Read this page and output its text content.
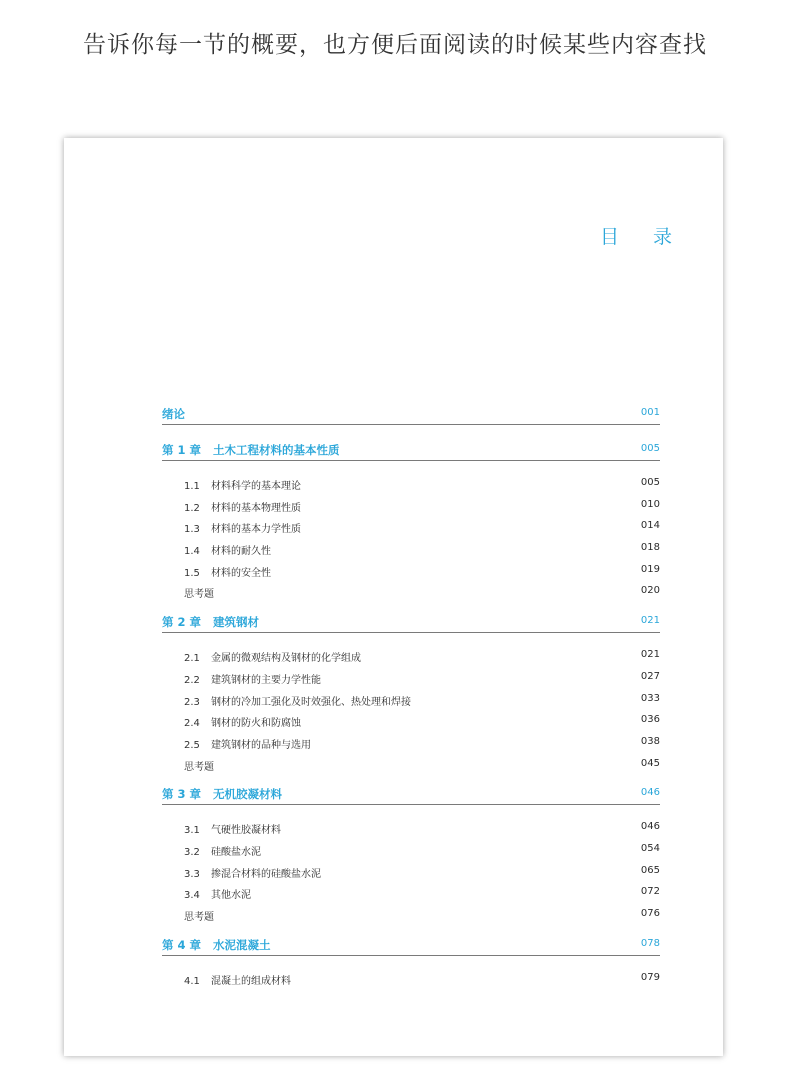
告诉你每一节的概要，也方便后面阅读的时候某些内容查找
目 录
绪论	001
第 1 章 土木工程材料的基本性质	005
1.1 材料科学的基本理论	005
1.2 材料的基本物理性质	010
1.3 材料的基本力学性质	014
1.4 材料的耐久性	018
1.5 材料的安全性	019
思考题	020
第 2 章 建筑钢材	021
2.1 金属的微观结构及钢材的化学组成	021
2.2 建筑钢材的主要力学性能	027
2.3 钢材的冷加工强化及时效强化、热处理和焊接	033
2.4 钢材的防火和防腐蚀	036
2.5 建筑钢材的品种与选用	038
思考题	045
第 3 章 无机胶凝材料	046
3.1 气硬性胶凝材料	046
3.2 硅酸盐水泥	054
3.3 掺混合材料的硅酸盐水泥	065
3.4 其他水泥	072
思考题	076
第 4 章 水泥混凝土	078
4.1 混凝土的组成材料	079
